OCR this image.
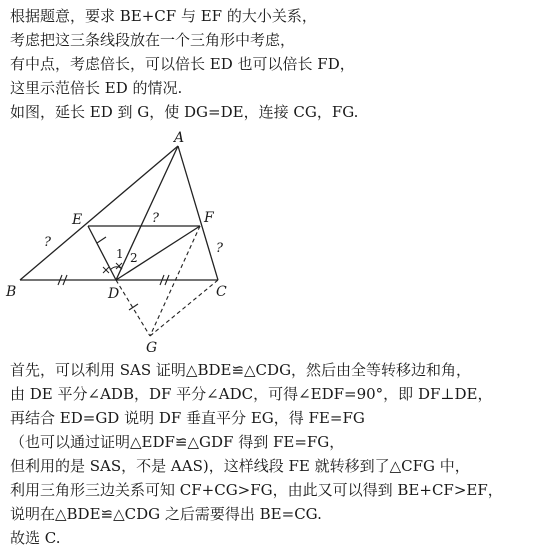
根据题意，要求 BE+CF 与 EF 的大小关系，
考虑把这三条线段放在一个三角形中考虑，
有中点，考虑倍长，可以倍长 ED 也可以倍长 FD，
这里示范倍长 ED 的情况.
如图，延长 ED 到 G，使 DG=DE，连接 CG，FG.
A
B	C
D
E	F
G
?
?
?
1 2
首先，可以利用 SAS 证明△BDE≌△CDG，然后由全等转移边和角，
由 DE 平分∠ADB，DF 平分∠ADC，可得∠EDF=90°，即 DF⊥DE，
再结合 ED=GD 说明 DF 垂直平分 EG，得 FE=FG
（也可以通过证明△EDF≌△GDF 得到 FE=FG，
但利用的是 SAS，不是 AAS)，这样线段 FE 就转移到了△CFG 中，
利用三角形三边关系可知 CF+CG>FG，由此又可以得到 BE+CF>EF，
说明在△BDE≌△CDG 之后需要得出 BE=CG.
故选 C.
